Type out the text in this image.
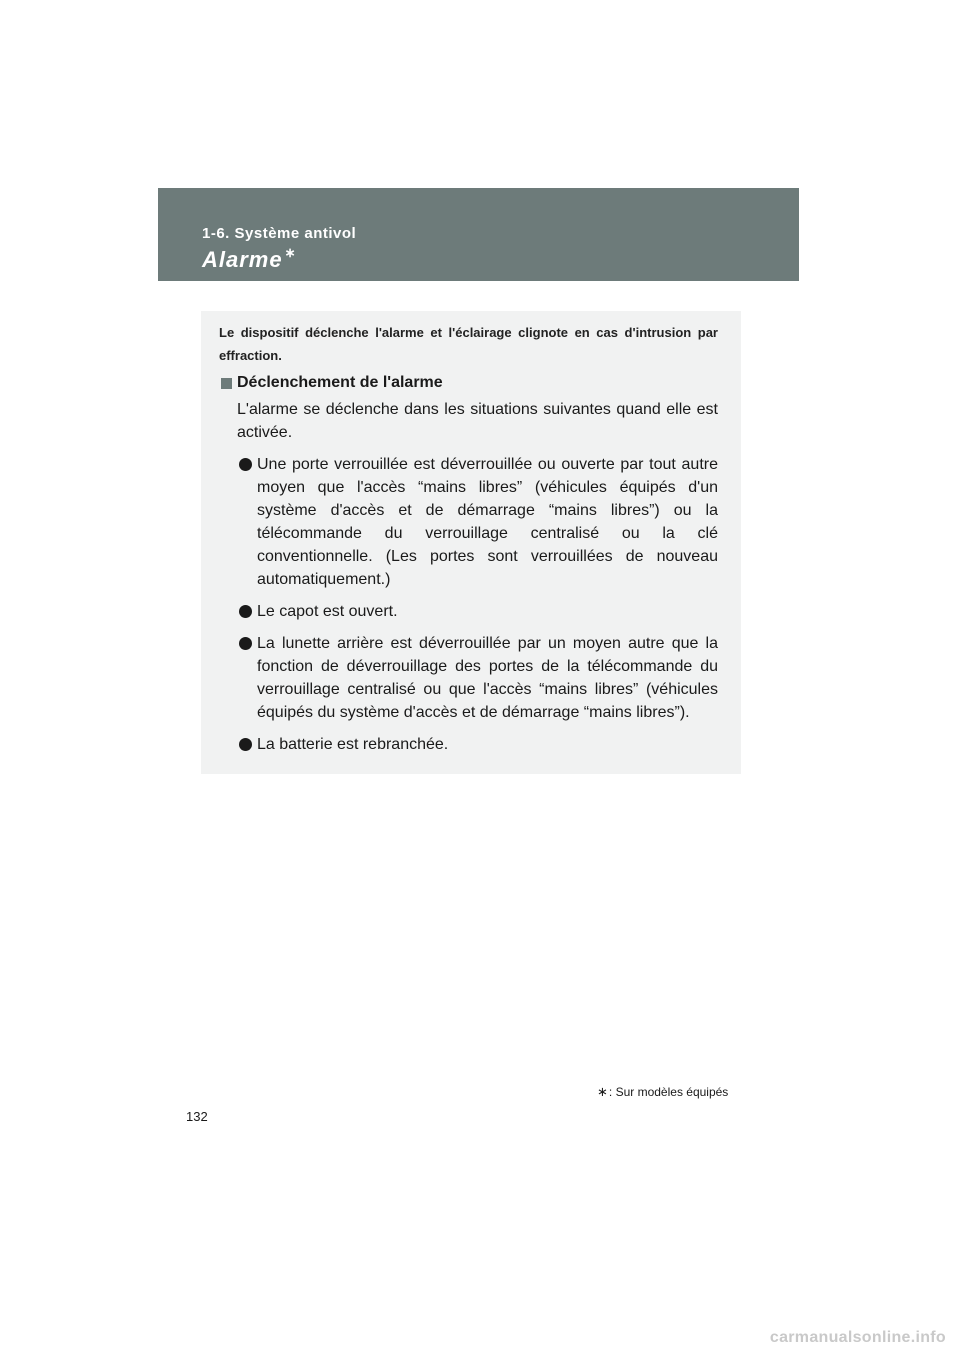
1-6. Système antivol
Alarme ∗
Le dispositif déclenche l'alarme et l'éclairage clignote en cas d'intrusion par effraction.
Déclenchement de l'alarme
L'alarme se déclenche dans les situations suivantes quand elle est activée.
Une porte verrouillée est déverrouillée ou ouverte par tout autre moyen que l'accès “mains libres” (véhicules équipés d'un système d'accès et de démarrage “mains libres”) ou la télécommande du verrouillage centralisé ou la clé conventionnelle. (Les portes sont verrouillées de nouveau automatiquement.)
Le capot est ouvert.
La lunette arrière est déverrouillée par un moyen autre que la fonction de déverrouillage des portes de la télécommande du verrouillage centralisé ou que l'accès “mains libres” (véhicules équipés du système d'accès et de démarrage “mains libres”).
La batterie est rebranchée.
∗: Sur modèles équipés
132
carmanualsonline.info
